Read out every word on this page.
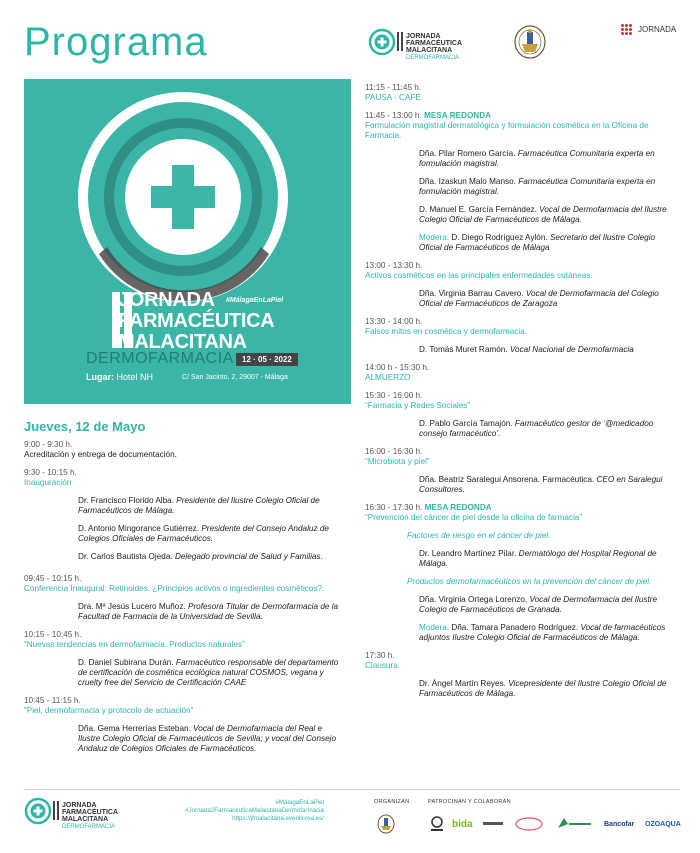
Programa	JORNADA
FARMACÉUTICA
MALACITANA
DERMOFARMACIA
JORNADA
JORNADA
FARMACÉUTICA
MALACITANA
#MálagaEnLaPiel
DERMOFARMACIA	12 · 05 · 2022
Lugar: Hotel NH	C/ San Jacinto, 2, 29007 - Málaga
Jueves, 12 de Mayo
9:00 - 9:30 h.
Acreditación y entrega de documentación.
9:30 - 10:15 h.
Inauguración
Dr. Francisco Florido Alba. Presidente del Ilustre Colegio Oficial de Farmacéuticos de Málaga.
D. Antonio Mingorance Gutiérrez. Presidente del Consejo Andaluz de Colegios Oficiales de Farmacéuticos.
Dr. Carlos Bautista Ojeda. Delegado provincial de Salud y Familias.
09:45 - 10:15 h.
Conferencia Inaugural: Retinoides. ¿Principios activos o ingredientes cosméticos?.
Dra. Mª Jesús Lucero Muñoz. Profesora Titular de Dermofarmacia de la Facultad de Farmacia de la Universidad de Sevilla.
10:15 - 10:45 h.
“Nuevas tendencias en dermofarmacia. Productos naturales”
D. Daniel Subirana Durán. Farmacéutico responsable del departamento de certificación de cosmética ecológica natural COSMOS, vegana y cruelty free del Servicio de Certificación CAAE
10:45 - 11:15 h.
“Piel, dermofarmacia y protocolo de actuación”
Dña. Gema Herrerías Esteban. Vocal de Dermofarmacia del Real e Ilustre Colegio Oficial de Farmacéuticos de Sevilla; y vocal del Consejo Andaluz de Colegios Oficiales de Farmacéuticos.
11:15 - 11:45 h.
PAUSA - CAFÉ
11:45 - 13:00 h. MESA REDONDA
Formulación magistral dermatológica y formulación cosmética en la Oficina de Farmacia.
Dña. Pilar Romero García. Farmacéutica Comunitaria experta en formulación magistral.
Dña. Izaskun Malo Manso. Farmacéutica Comunitaria experta en formulación magistral.
D. Manuel E. García Fernández. Vocal de Dermofarmacia del Ilustre Colegio Oficial de Farmacéuticos de Málaga.
Modera: D. Diego Rodríguez Aylón. Secretario del Ilustre Colegio Oficial de Farmacéuticos de Málaga
13:00 - 13:30 h.
Activos cosméticos en las principales enfermedades cutáneas.
Dña. Virginia Barrau Cavero. Vocal de Dermofarmacia del Colegio Oficial de Farmacéuticos de Zaragoza
13:30 - 14:00 h.
Falsos mitos en cosmética y dermofarmacia.
D. Tomás Muret Ramón. Vocal Nacional de Dermofarmacia
14:00 h - 15:30 h.
ALMUERZO
15:30 - 16:00 h.
“Farmacia y Redes Sociales”
D. Pablo García Tamajón. Farmacéutico gestor de ‘@medicadoo consejo farmacéutico’.
16:00 - 16:30 h.
“Microbiota y piel”
Dña. Beatriz Saralegui Ansorena. Farmacéutica. CEO en Saralegui Consultores.
16:30 - 17:30 h. MESA REDONDA
“Prevención del cáncer de piel desde la oficina de farmacia”
Factores de riesgo en el cáncer de piel.
Dr. Leandro Martínez Pilar. Dermatólogo del Hospital Regional de Málaga.
Productos dermofarmacéuticos en la prevención del cáncer de piel.
Dña. Virginia Ortega Lorenzo. Vocal de Dermofarmacia del Ilustre Colegio de Farmacéuticos de Granada.
Modera: Dña. Tamara Panadero Rodríguez. Vocal de farmacéuticos adjuntos Ilustre Colegio Oficial de Farmacéuticos de Málaga.
17:30 h.
Clausura.
Dr. Ángel Martín Reyes. Vicepresidente del Ilustre Colegio Oficial de Farmacéuticos de Málaga.
JORNADA
FARMACÉUTICA
MALACITANA
DERMOFARMACIA
#MálagaEnLaPiel
#Jornada2FarmacéuticaMalacitanaDermofarmacia
https://jfmalacitana.eventicrea.es/
ORGANIZAN	PATROCINAN Y COLABORAN
bida	Bancofar OZOAQUA
